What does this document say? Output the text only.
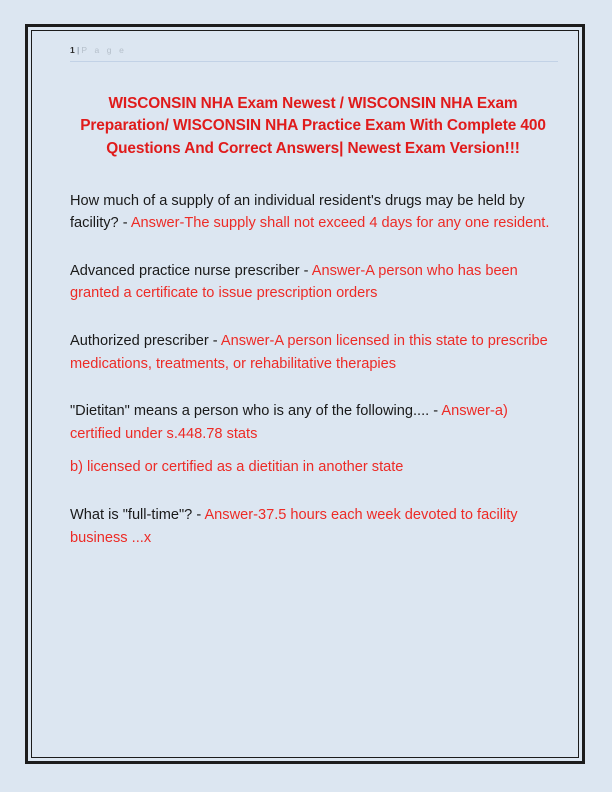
1 | P a g e
WISCONSIN NHA Exam Newest / WISCONSIN NHA Exam Preparation/ WISCONSIN NHA Practice Exam With Complete 400 Questions And Correct Answers| Newest Exam Version!!!

How much of a supply of an individual resident's drugs may be held by facility? - Answer-The supply shall not exceed 4 days for any one resident.

Advanced practice nurse prescriber - Answer-A person who has been granted a certificate to issue prescription orders

Authorized prescriber - Answer-A person licensed in this state to prescribe medications, treatments, or rehabilitative therapies

"Dietitan" means a person who is any of the following.... - Answer-a) certified under s.448.78 stats

b) licensed or certified as a dietitian in another state

What is "full-time"? - Answer-37.5 hours each week devoted to facility business ...x
